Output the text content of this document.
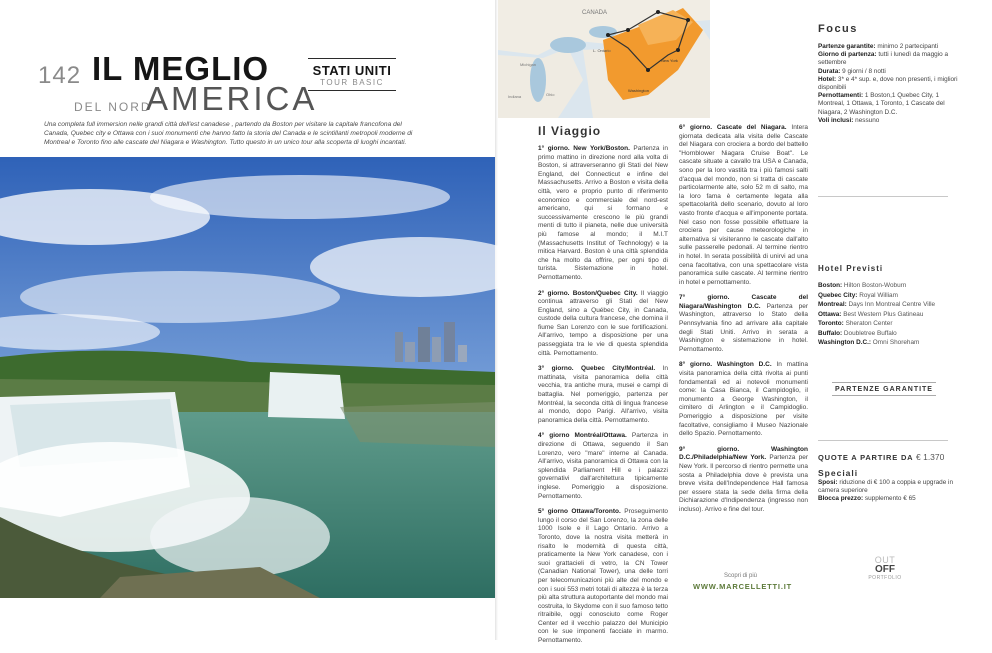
142 IL MEGLIO
DEL NORD
AMERICA
STATI UNITI
TOUR BASIC
Una completa full immersion nelle grandi città dell'est canadese , partendo da Boston per visitare la capitale francofona del Canada, Quebec city e Ottawa con i suoi monumenti che hanno fatto la storia del Canada e le scintillanti metropoli moderne di Montreal e Toronto fino alle cascate del Niagara e Washington. Tutto questo in un unico tour alla scoperta di luoghi incantati.
CANADA
L. Ontario
Michigan
Indiana	Ohio
Washington
New York
Il Viaggio

1° giorno. New York/Boston. Partenza in primo mattino in direzione nord alla volta di Boston, si attraverseranno gli Stati del New England, del Connecticut e infine del Massachusetts. Arrivo a Boston e visita della città, vero e proprio punto di riferimento economico e commerciale del nord-est americano, qui si formano e successivamente crescono le più grandi menti di tutto il pianeta, nelle due università più famose al mondo; il M.I.T (Massachusetts Institut of Technology) e la mitica Harvard. Boston è una città splendida che ha molto da offrire, per ogni tipo di turista. Sistemazione in hotel. Pernottamento.

2° giorno. Boston/Quebec City. Il viaggio continua attraverso gli Stati del New England, sino a Québec City, in Canada, custode della cultura francese, che domina il fiume San Lorenzo con le sue fortificazioni. All'arrivo, tempo a disposizione per una passeggiata tra le vie di questa splendida città. Pernottamento.

3° giorno. Quebec City/Montréal. In mattinata, visita panoramica della città vecchia, tra antiche mura, musei e campi di battaglia. Nel pomeriggio, partenza per Montréal, la seconda città di lingua francese al mondo, dopo Parigi. All'arrivo, visita panoramica della città. Pernottamento.

4° giorno Montréal/Ottawa. Partenza in direzione di Ottawa, seguendo il San Lorenzo, vero "mare" interne al Canada. All'arrivo, visita panoramica di Ottawa con la splendida Parliament Hill e i palazzi governativi dall'architettura tipicamente inglese. Pomeriggio a disposizione. Pernottamento.

5° giorno Ottawa/Toronto. Proseguimento lungo il corso del San Lorenzo, la zona delle 1000 Isole e il Lago Ontario. Arrivo a Toronto, dove la nostra visita metterà in risalto le modernità di questa città, praticamente la New York canadese, con i suoi grattacieli di vetro, la CN Tower (Canadian National Tower), una delle torri per telecomunicazioni più alte del mondo e con i suoi 553 metri totali di altezza è la terza più alta struttura autoportante del mondo mai costruita, lo Skydome con il suo famoso tetto ritraibile, oggi conosciuto come Roger Center ed il vecchio palazzo del Municipio con le sue imponenti facciate in marmo. Pernottamento.

6° giorno. Cascate del Niagara. Intera giornata dedicata alla visita delle Cascate del Niagara con crociera a bordo del battello "Hornblower Niagara Cruise Boat". Le cascate situate a cavallo tra USA e Canada, sono per la loro vastità tra i più famosi salti d'acqua del mondo, non si tratta di cascate particolarmente alte, solo 52 m di salto, ma la loro fama è certamente legata alla spettacolarità dello scenario, dovuto al loro vasto fronte d'acqua e all'imponente portata. Nel caso non fosse possibile effettuare la crociera per cause meteorologiche in alternativa si visiteranno le cascate dall'alto sulle passerelle pedonali. Al termine rientro in hotel. In serata possibilità di unirvi ad una cena facoltativa, con una spettacolare vista panoramica sulle cascate. Al termine rientro in hotel e pernottamento.

7° giorno. Cascate del Niagara/Washington D.C. Partenza per Washington, attraverso lo Stato della Pennsylvania fino ad arrivare alla capitale degli Stati Uniti. Arrivo in serata a Washington e sistemazione in hotel. Pernottamento.

8° giorno. Washington D.C. In mattina visita panoramica della città rivolta ai punti fondamentali ed ai notevoli monumenti come: la Casa Bianca, il Campidoglio, il monumento a George Washington, il cimitero di Arlington e il Campidoglio. Pomeriggio a disposizione per visite facoltative, consigliamo il Museo Nazionale dello Spazio. Pernottamento.

9° giorno. Washington D.C./Philadelphia/New York. Partenza per New York. Il percorso di rientro permette una sosta a Philadelphia dove è prevista una breve visita dell'Independence Hall famosa per essere stata la sede della firma della Dichiarazione d'Indipendenza (ingresso non incluso). Arrivo e fine del tour.

Focus
Partenze garantite: minimo 2 partecipanti
Giorno di partenza: tutti i lunedì da maggio a settembre
Durata: 9 giorni / 8 notti
Hotel: 3* e 4* sup. e, dove non presenti, i migliori disponibili
Pernottamenti: 1 Boston,1 Quebec City, 1 Montreal, 1 Ottawa, 1 Toronto, 1 Cascate del Niagara, 2 Washington D.C.
Voli inclusi: nessuno
Hotel Previsti
Boston: Hilton Boston-Woburn
Quebec City: Royal William
Montreal: Days Inn Montreal Centre Ville
Ottawa: Best Western Plus Gatineau
Toronto: Sheraton Center
Buffalo: Doubletree Buffalo
Washington D.C.: Omni Shoreham
PARTENZE GARANTITE
QUOTE A PARTIRE DA € 1.370
Speciali
Sposi: riduzione di € 100 a coppia e upgrade in camera superiore
Blocca prezzo: supplemento € 65
Scopri di più
WWW.MARCELLETTI.IT
OUT
OFF
PORTFOLIO
